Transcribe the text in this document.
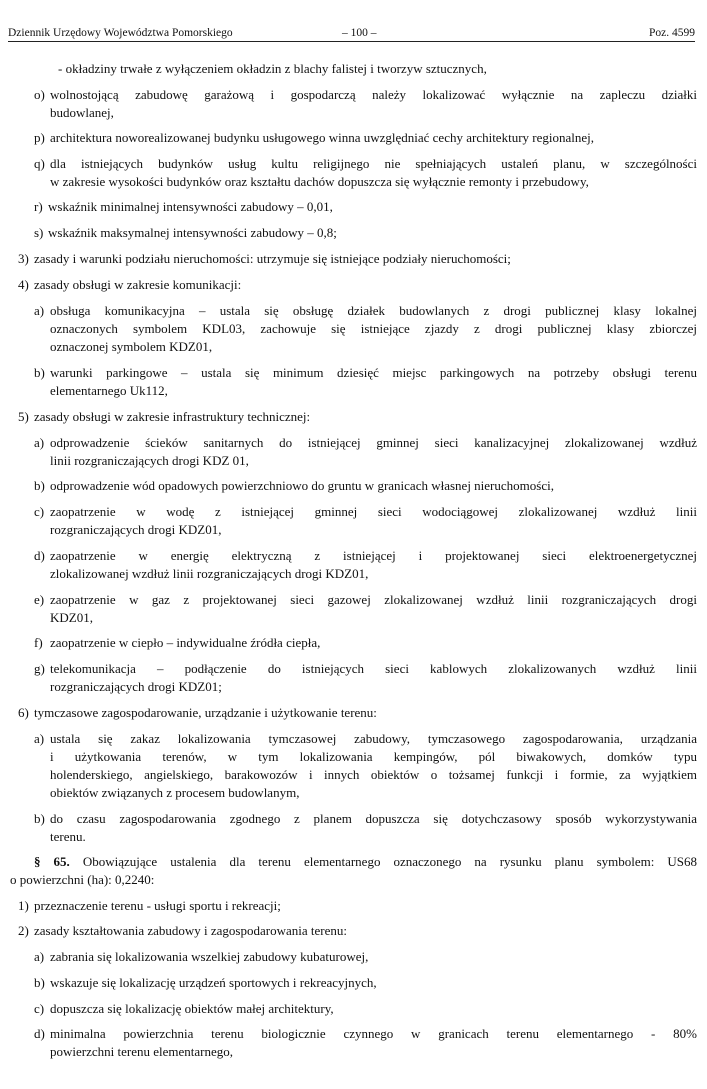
Dziennik Urzędowy Województwa Pomorskiego	– 100 –	Poz. 4599
- okładziny trwałe z wyłączeniem okładzin z blachy falistej i tworzyw sztucznych,
o) wolnostojącą zabudowę garażową i gospodarczą należy lokalizować wyłącznie na zapleczu działki
budowlanej,
p) architektura noworealizowanej budynku usługowego winna uwzględniać cechy architektury regionalnej,
q) dla istniejących budynków usług kultu religijnego nie spełniających ustaleń planu, w szczególności
w zakresie wysokości budynków oraz kształtu dachów dopuszcza się wyłącznie remonty i przebudowy,
r) wskaźnik minimalnej intensywności zabudowy – 0,01,
s) wskaźnik maksymalnej intensywności zabudowy – 0,8;
3) zasady i warunki podziału nieruchomości: utrzymuje się istniejące podziały nieruchomości;
4) zasady obsługi w zakresie komunikacji:
a) obsługa komunikacyjna – ustala się obsługę działek budowlanych z drogi publicznej klasy lokalnej
oznaczonych symbolem KDL03, zachowuje się istniejące zjazdy z drogi publicznej klasy zbiorczej
oznaczonej symbolem KDZ01,
b) warunki parkingowe – ustala się minimum dziesięć miejsc parkingowych na potrzeby obsługi terenu
elementarnego Uk112,
5) zasady obsługi w zakresie infrastruktury technicznej:
a) odprowadzenie ścieków sanitarnych do istniejącej gminnej sieci kanalizacyjnej zlokalizowanej wzdłuż
linii rozgraniczających drogi KDZ 01,
b) odprowadzenie wód opadowych powierzchniowo do gruntu w granicach własnej nieruchomości,
c) zaopatrzenie w wodę z istniejącej gminnej sieci wodociągowej zlokalizowanej wzdłuż linii
rozgraniczających drogi KDZ01,
d) zaopatrzenie w energię elektryczną z istniejącej i projektowanej sieci elektroenergetycznej
zlokalizowanej wzdłuż linii rozgraniczających drogi KDZ01,
e) zaopatrzenie w gaz z projektowanej sieci gazowej zlokalizowanej wzdłuż linii rozgraniczających drogi
KDZ01,
f) zaopatrzenie w ciepło – indywidualne źródła ciepła,
g) telekomunikacja – podłączenie do istniejących sieci kablowych zlokalizowanych wzdłuż linii
rozgraniczających drogi KDZ01;
6) tymczasowe zagospodarowanie, urządzanie i użytkowanie terenu:
a) ustala się zakaz lokalizowania tymczasowej zabudowy, tymczasowego zagospodarowania, urządzania
i użytkowania terenów, w tym lokalizowania kempingów, pól biwakowych, domków typu
holenderskiego, angielskiego, barakowozów i innych obiektów o tożsamej funkcji i formie, za wyjątkiem
obiektów związanych z procesem budowlanym,
b) do czasu zagospodarowania zgodnego z planem dopuszcza się dotychczasowy sposób wykorzystywania
terenu.
§ 65. Obowiązujące ustalenia dla terenu elementarnego oznaczonego na rysunku planu symbolem: US68
o powierzchni (ha): 0,2240:
1) przeznaczenie terenu - usługi sportu i rekreacji;
2) zasady kształtowania zabudowy i zagospodarowania terenu:
a) zabrania się lokalizowania wszelkiej zabudowy kubaturowej,
b) wskazuje się lokalizację urządzeń sportowych i rekreacyjnych,
c) dopuszcza się lokalizację obiektów małej architektury,
d) minimalna powierzchnia terenu biologicznie czynnego w granicach terenu elementarnego - 80%
powierzchni terenu elementarnego,
